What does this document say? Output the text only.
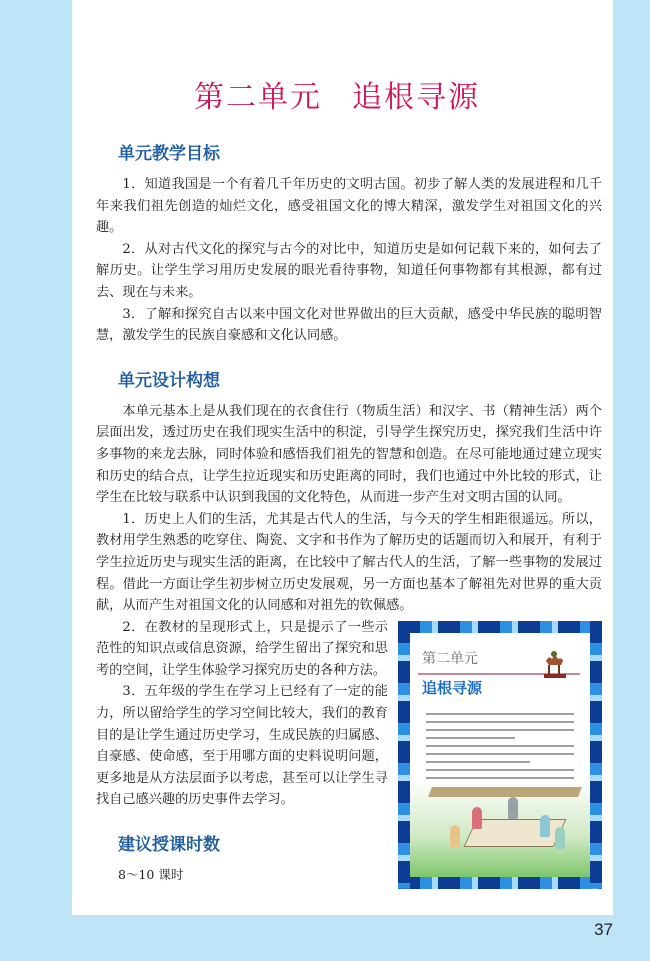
第二单元 追根寻源
单元教学目标

1．知道我国是一个有着几千年历史的文明古国。初步了解人类的发展进程和几千年来我们祖先创造的灿烂文化，感受祖国文化的博大精深，激发学生对祖国文化的兴趣。

2．从对古代文化的探究与古今的对比中，知道历史是如何记载下来的，如何去了解历史。让学生学习用历史发展的眼光看待事物，知道任何事物都有其根源，都有过去、现在与未来。

3．了解和探究自古以来中国文化对世界做出的巨大贡献，感受中华民族的聪明智慧，激发学生的民族自豪感和文化认同感。

单元设计构想

本单元基本上是从我们现在的衣食住行（物质生活）和汉字、书（精神生活）两个层面出发，透过历史在我们现实生活中的积淀，引导学生探究历史，探究我们生活中许多事物的来龙去脉，同时体验和感悟我们祖先的智慧和创造。在尽可能地通过建立现实和历史的结合点，让学生拉近现实和历史距离的同时，我们也通过中外比较的形式，让学生在比较与联系中认识到我国的文化特色，从而进一步产生对文明古国的认同。

1．历史上人们的生活，尤其是古代人的生活，与今天的学生相距很遥远。所以，教材用学生熟悉的吃穿住、陶瓷、文字和书作为了解历史的话题而切入和展开，有利于学生拉近历史与现实生活的距离，在比较中了解古代人的生活，了解一些事物的发展过程。借此一方面让学生初步树立历史发展观，另一方面也基本了解祖先对世界的重大贡献，从而产生对祖国文化的认同感和对祖先的钦佩感。

第二单元
追根寻源

2．在教材的呈现形式上，只是提示了一些示范性的知识点或信息资源，给学生留出了探究和思考的空间，让学生体验学习探究历史的各种方法。

3．五年级的学生在学习上已经有了一定的能力，所以留给学生的学习空间比较大，我们的教育目的是让学生通过历史学习，生成民族的归属感、自豪感、使命感，至于用哪方面的史料说明问题，更多地是从方法层面予以考虑，甚至可以让学生寻找自己感兴趣的历史事件去学习。

建议授课时数
8～10 课时
37
